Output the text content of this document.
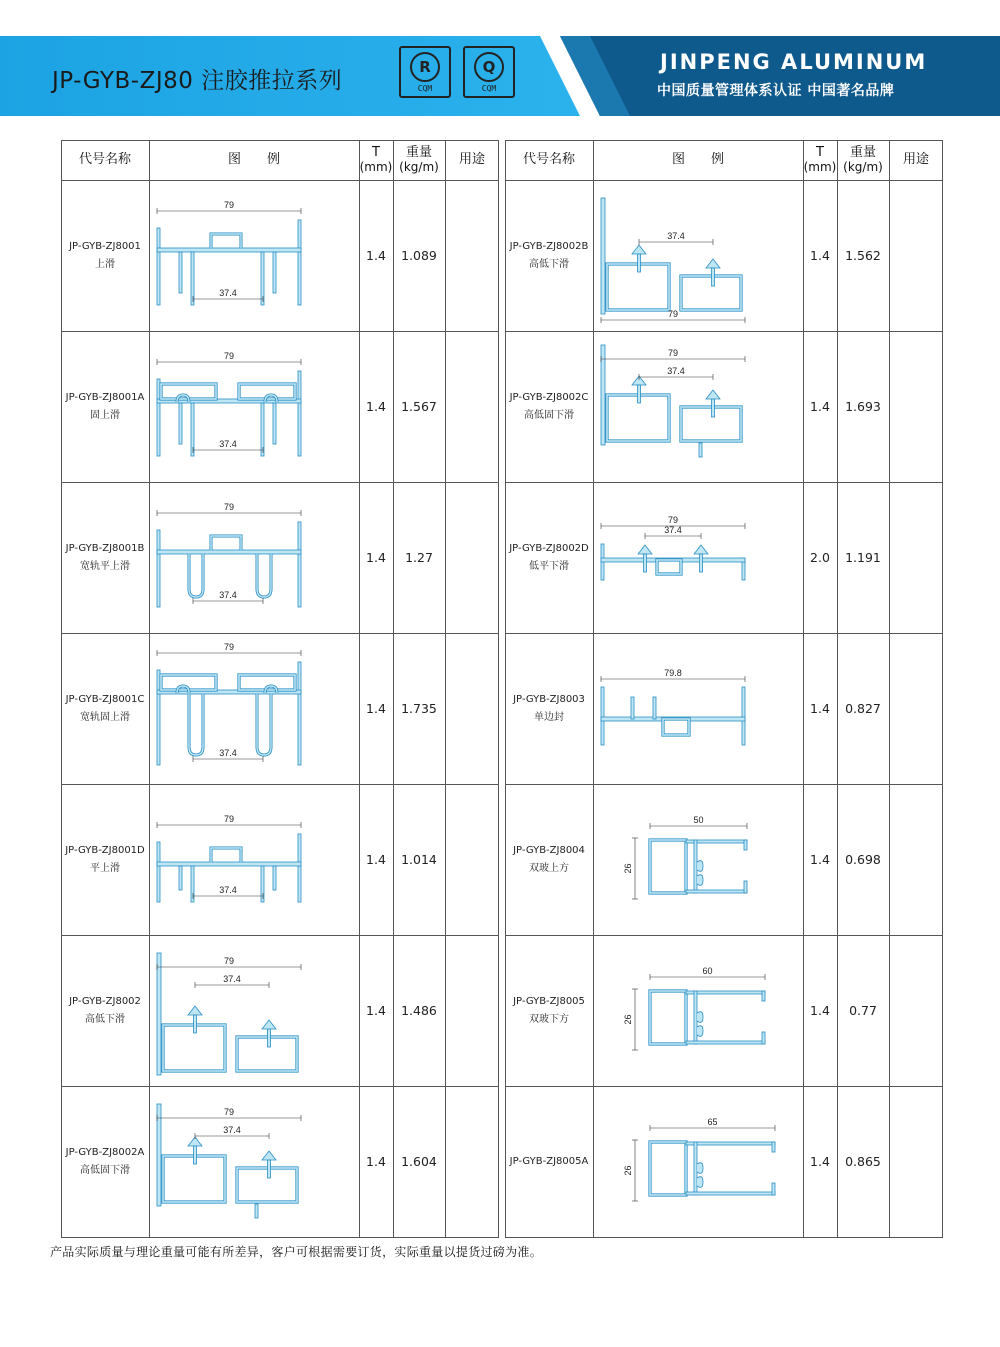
JP-GYB-ZJ80 注胶推拉系列
R
CQM
Q
CQM
JINPENG ALUMINUM
中国质量管理体系认证 中国著名品牌
代号名称	图　　例	T
(mm)
重量
(kg/m)	用途
JP-GYB-ZJ8001
上滑
79
37.4
1.4	1.089
JP-GYB-ZJ8001A
固上滑
79
37.4
1.4	1.567
JP-GYB-ZJ8001B
宽轨平上滑
79
37.4
1.4	1.27
JP-GYB-ZJ8001C
宽轨固上滑
79
37.4
1.4	1.735
JP-GYB-ZJ8001D
平上滑
79
37.4
1.4	1.014
JP-GYB-ZJ8002
高低下滑
79
37.4
1.4	1.486
JP-GYB-ZJ8002A
高低固下滑
79
37.4
1.4	1.604
代号名称	图　　例	T
(mm)
重量
(kg/m)	用途
JP-GYB-ZJ8002B
高低下滑
79
37.4
1.4	1.562
JP-GYB-ZJ8002C
高低固下滑
79
37.4
1.4	1.693
JP-GYB-ZJ8002D
低平下滑
79
37.4
2.0	1.191
JP-GYB-ZJ8003
单边封
79.8
1.4	0.827
JP-GYB-ZJ8004
双玻上方
50
26
1.4	0.698
JP-GYB-ZJ8005
双玻下方
60
26
1.4	0.77
JP-GYB-ZJ8005A
65
26
1.4	0.865
产品实际质量与理论重量可能有所差异，客户可根据需要订货，实际重量以提货过磅为准。
